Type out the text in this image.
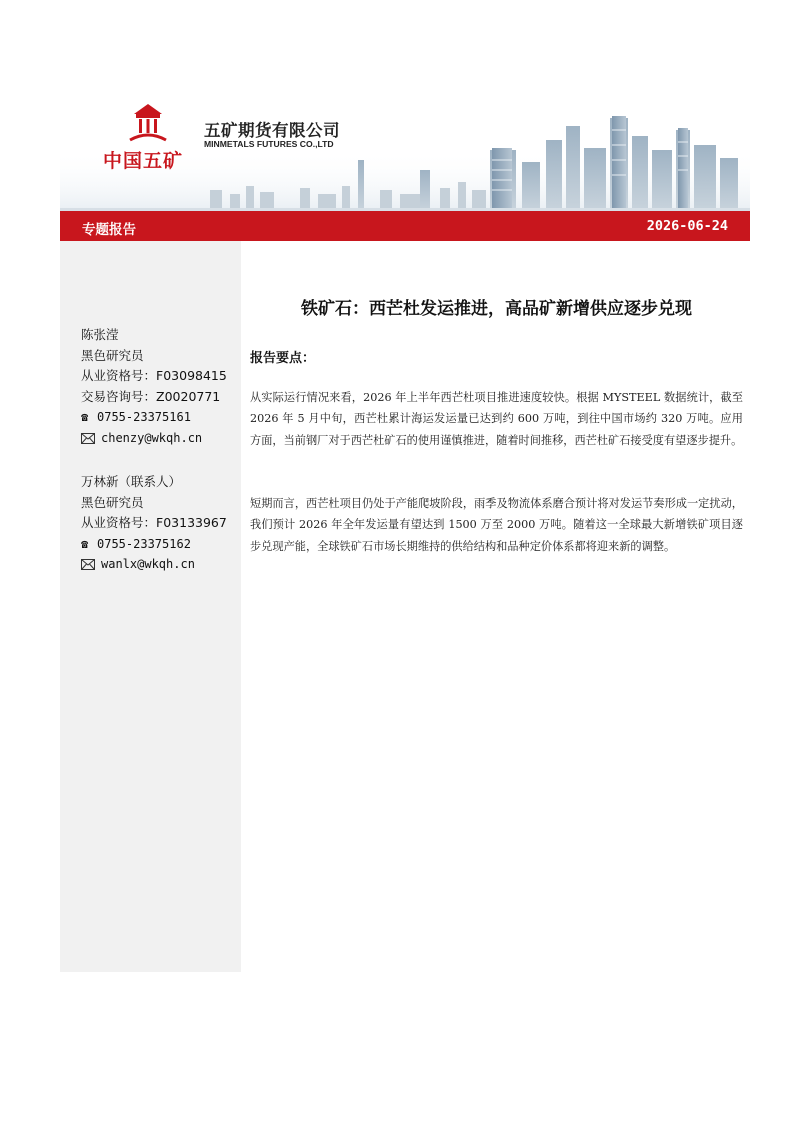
中国五矿
五矿期货有限公司
MINMETALS FUTURES CO.,LTD
专题报告	2026-06-24
陈张滢
黑色研究员
从业资格号：F03098415
交易咨询号：Z0020771
☎ 0755-23375161
chenzy@wkqh.cn
万林新（联系人）
黑色研究员
从业资格号：F03133967
☎ 0755-23375162
wanlx@wkqh.cn
铁矿石：西芒杜发运推进，高品矿新增供应逐步兑现
报告要点：
从实际运行情况来看，2026 年上半年西芒杜项目推进速度较快。根据 MYSTEEL 数据统计，截至 2026 年 5 月中旬，西芒杜累计海运发运量已达到约 600 万吨，到往中国市场约 320 万吨。应用方面，当前钢厂对于西芒杜矿石的使用谨慎推进，随着时间推移，西芒杜矿石接受度有望逐步提升。
短期而言，西芒杜项目仍处于产能爬坡阶段，雨季及物流体系磨合预计将对发运节奏形成一定扰动，我们预计 2026 年全年发运量有望达到 1500 万至 2000 万吨。随着这一全球最大新增铁矿项目逐步兑现产能，全球铁矿石市场长期维持的供给结构和品种定价体系都将迎来新的调整。
